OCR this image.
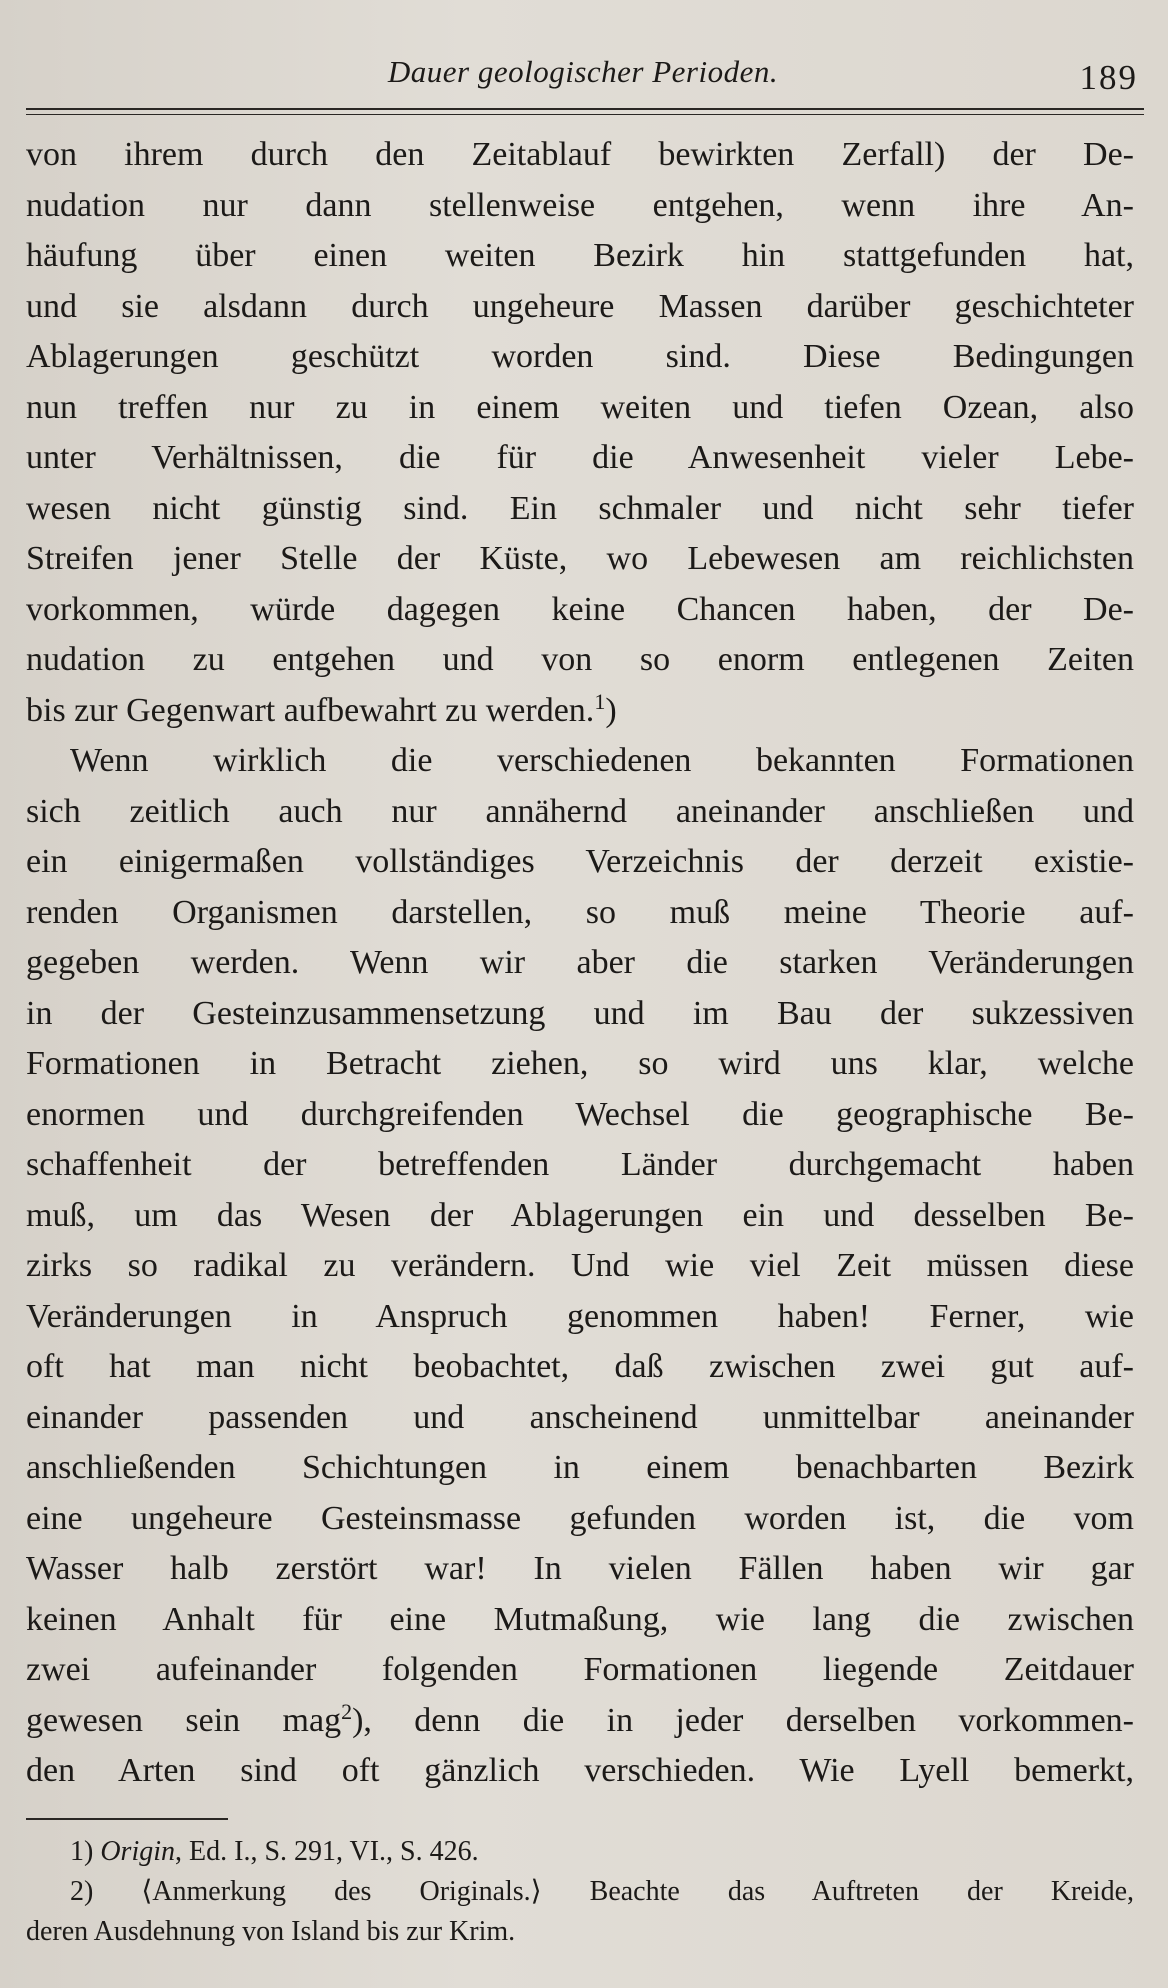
Dauer geologischer Perioden.	189
von ihrem durch den Zeitablauf bewirkten Zerfall) der De-
nudation nur dann stellenweise entgehen, wenn ihre An-
häufung über einen weiten Bezirk hin stattgefunden hat,
und sie alsdann durch ungeheure Massen darüber geschichteter
Ablagerungen geschützt worden sind. Diese Bedingungen
nun treffen nur zu in einem weiten und tiefen Ozean, also
unter Verhältnissen, die für die Anwesenheit vieler Lebe-
wesen nicht günstig sind. Ein schmaler und nicht sehr tiefer
Streifen jener Stelle der Küste, wo Lebewesen am reichlichsten
vorkommen, würde dagegen keine Chancen haben, der De-
nudation zu entgehen und von so enorm entlegenen Zeiten
bis zur Gegenwart aufbewahrt zu werden.$^1$)
Wenn wirklich die verschiedenen bekannten Formationen
sich zeitlich auch nur annähernd aneinander anschließen und
ein einigermaßen vollständiges Verzeichnis der derzeit existie-
renden Organismen darstellen, so muß meine Theorie auf-
gegeben werden. Wenn wir aber die starken Veränderungen
in der Gesteinzusammensetzung und im Bau der sukzessiven
Formationen in Betracht ziehen, so wird uns klar, welche
enormen und durchgreifenden Wechsel die geographische Be-
schaffenheit der betreffenden Länder durchgemacht haben
muß, um das Wesen der Ablagerungen ein und desselben Be-
zirks so radikal zu verändern. Und wie viel Zeit müssen diese
Veränderungen in Anspruch genommen haben! Ferner, wie
oft hat man nicht beobachtet, daß zwischen zwei gut auf-
einander passenden und anscheinend unmittelbar aneinander
anschließenden Schichtungen in einem benachbarten Bezirk
eine ungeheure Gesteinsmasse gefunden worden ist, die vom
Wasser halb zerstört war! In vielen Fällen haben wir gar
keinen Anhalt für eine Mutmaßung, wie lang die zwischen
zwei aufeinander folgenden Formationen liegende Zeitdauer
gewesen sein mag$^2$), denn die in jeder derselben vorkommen-
den Arten sind oft gänzlich verschieden. Wie Lyell bemerkt,
1) Origin, Ed. I., S. 291, VI., S. 426.
2) ⟨Anmerkung des Originals.⟩ Beachte das Auftreten der Kreide,
deren Ausdehnung von Island bis zur Krim.
